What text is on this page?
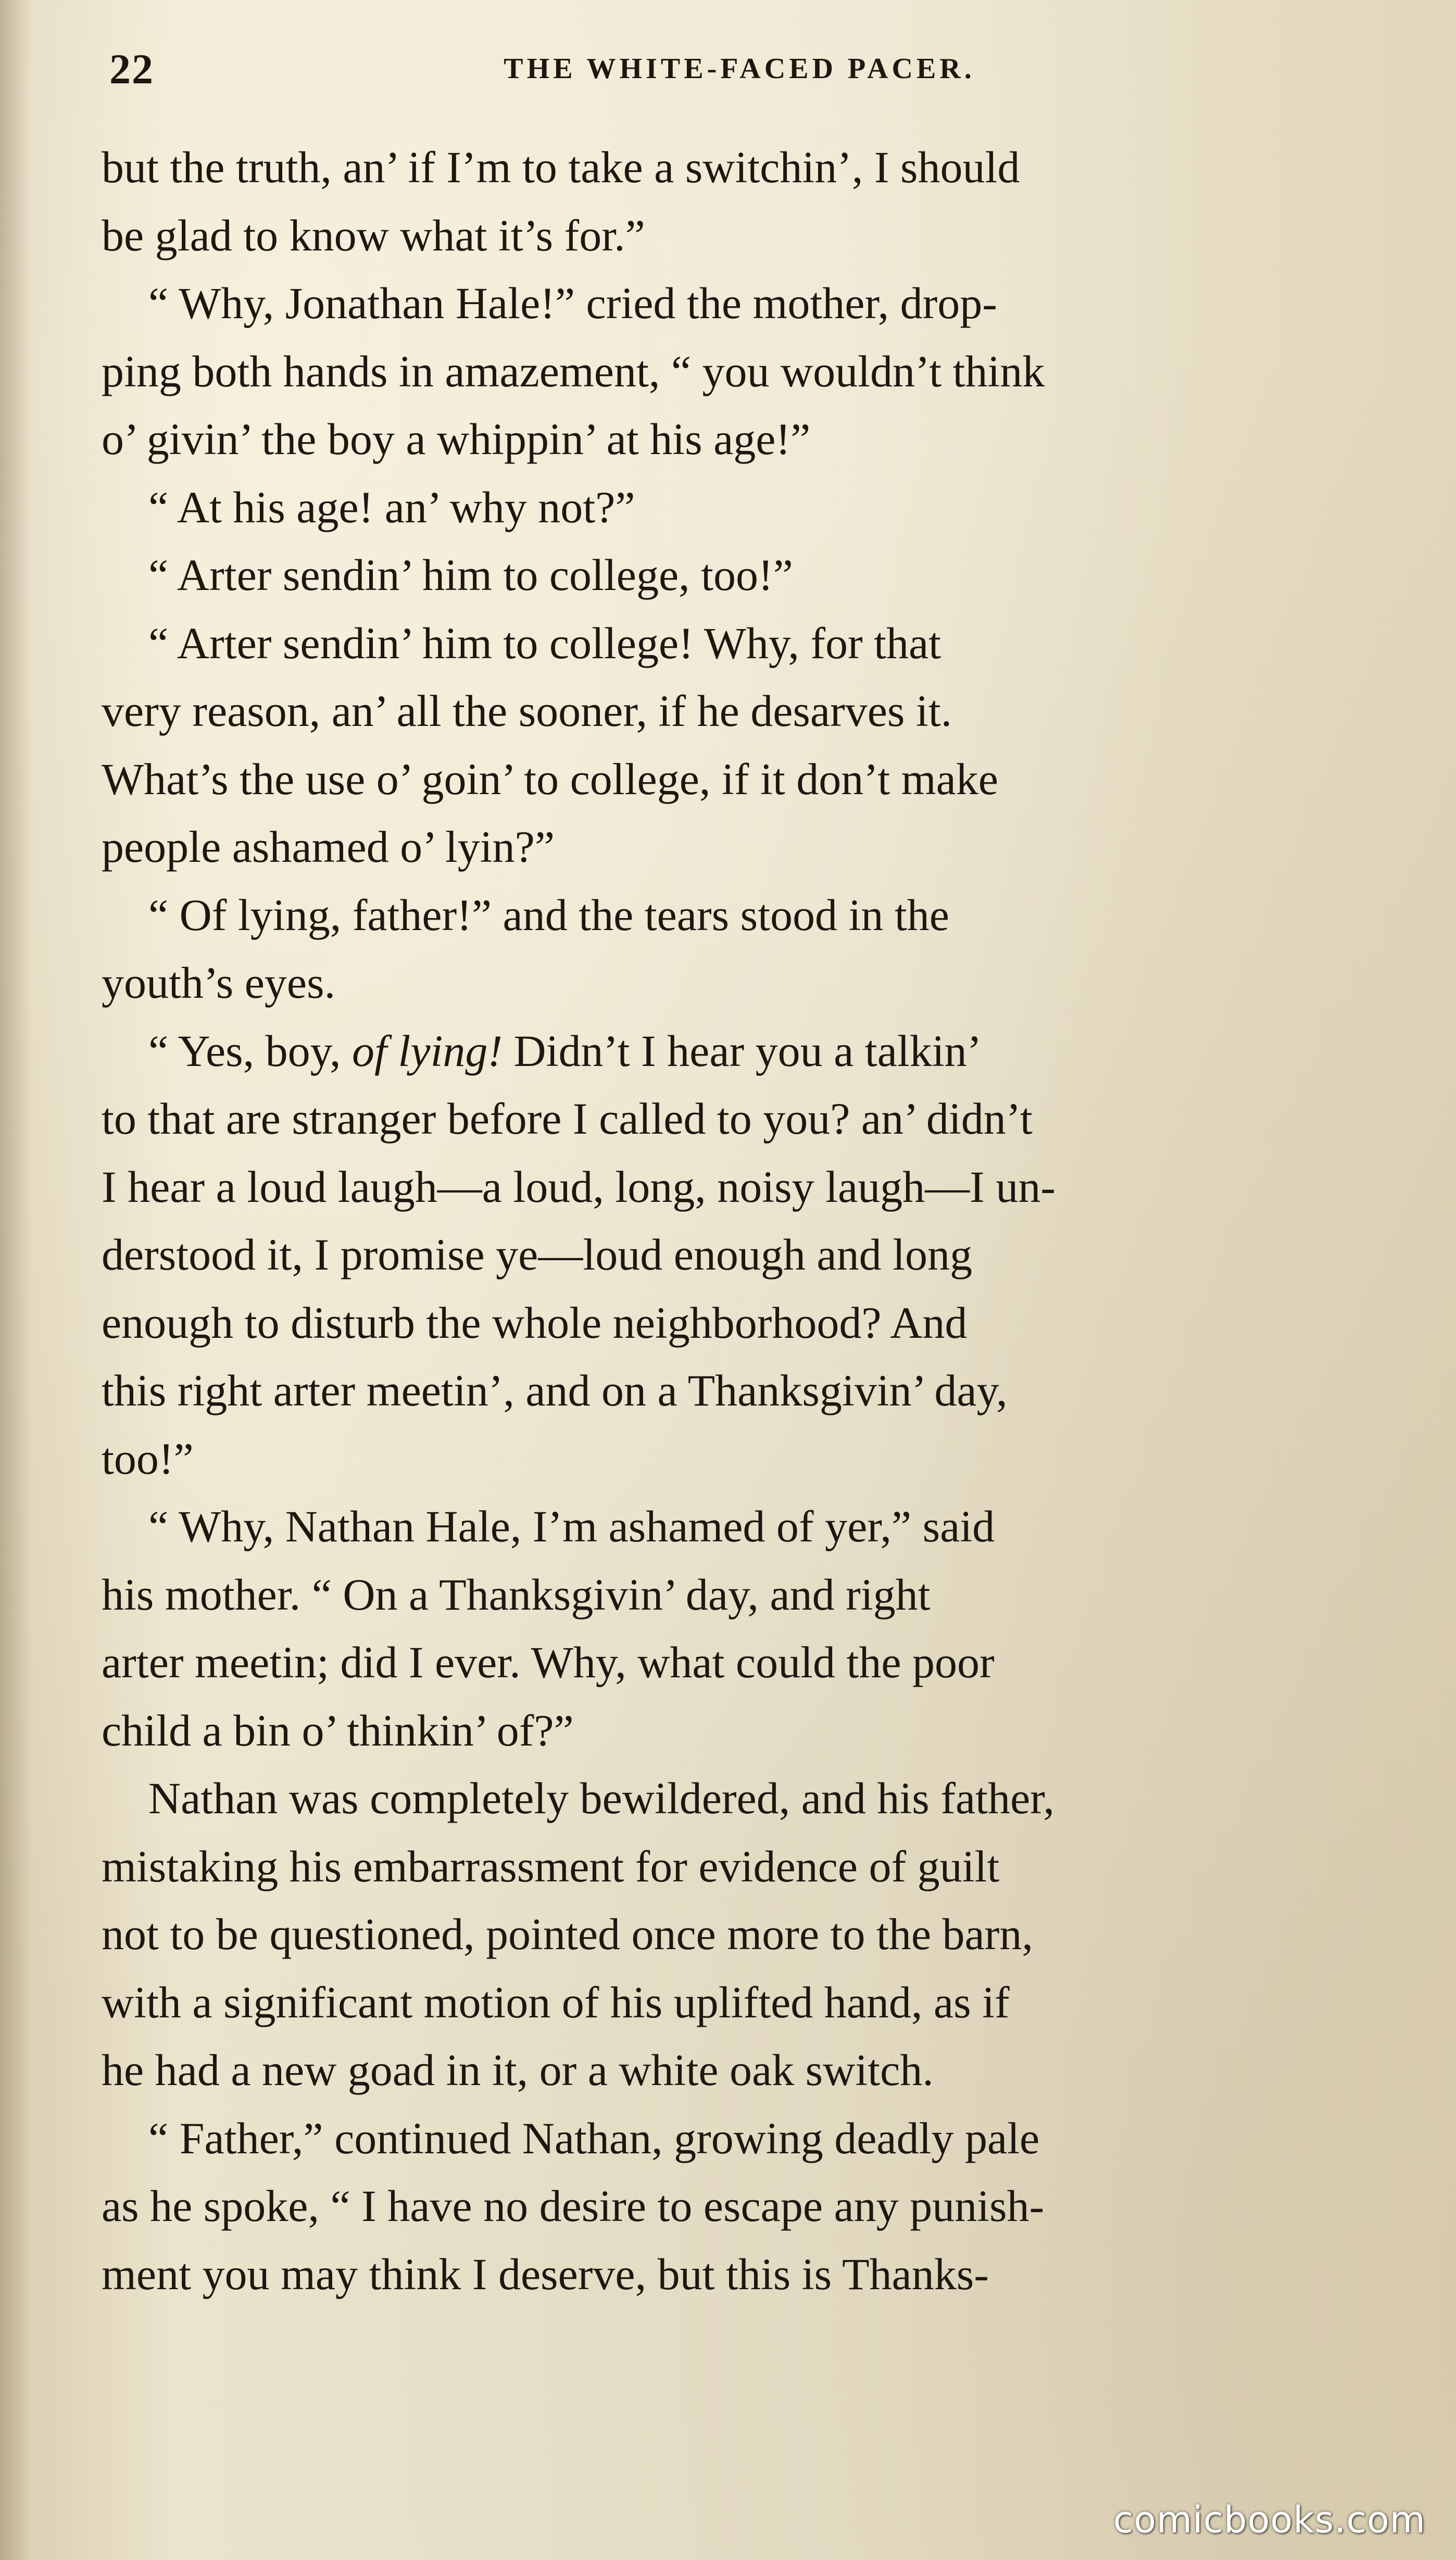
22	THE WHITE-FACED PACER.
but the truth, an’ if I’m to take a switchin’, I should
be glad to know what it’s for.”
“ Why, Jonathan Hale!” cried the mother, drop-
ping both hands in amazement, “ you wouldn’t think
o’ givin’ the boy a whippin’ at his age!”
“ At his age! an’ why not?”
“ Arter sendin’ him to college, too!”
“ Arter sendin’ him to college! Why, for that
very reason, an’ all the sooner, if he desarves it.
What’s the use o’ goin’ to college, if it don’t make
people ashamed o’ lyin?”
“ Of lying, father!” and the tears stood in the
youth’s eyes.
“ Yes, boy, of lying! Didn’t I hear you a talkin’
to that are stranger before I called to you? an’ didn’t
I hear a loud laugh—a loud, long, noisy laugh—I un-
derstood it, I promise ye—loud enough and long
enough to disturb the whole neighborhood? And
this right arter meetin’, and on a Thanksgivin’ day,
too!”
“ Why, Nathan Hale, I’m ashamed of yer,” said
his mother. “ On a Thanksgivin’ day, and right
arter meetin; did I ever. Why, what could the poor
child a bin o’ thinkin’ of?”
Nathan was completely bewildered, and his father,
mistaking his embarrassment for evidence of guilt
not to be questioned, pointed once more to the barn,
with a significant motion of his uplifted hand, as if
he had a new goad in it, or a white oak switch.
“ Father,” continued Nathan, growing deadly pale
as he spoke, “ I have no desire to escape any punish-
ment you may think I deserve, but this is Thanks-
comicbooks.com
